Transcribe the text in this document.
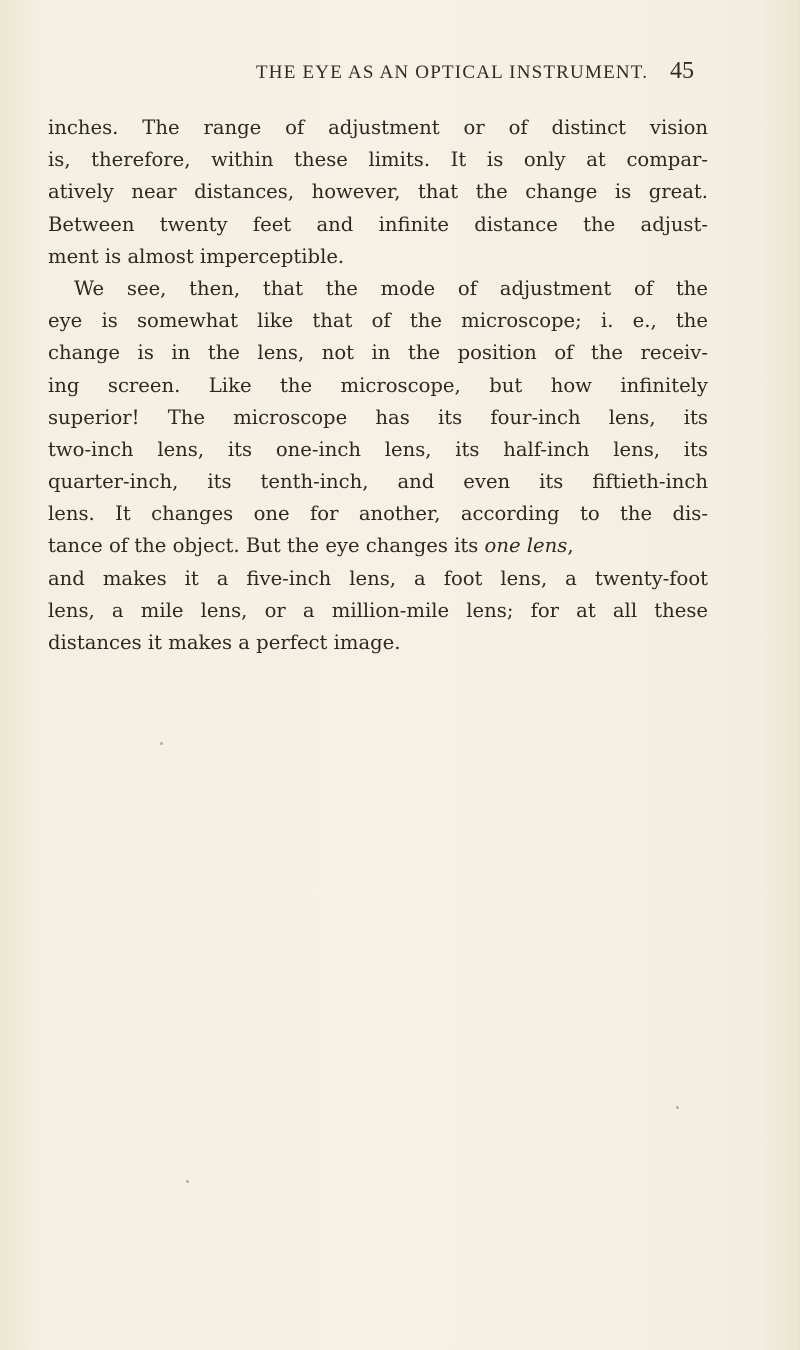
THE EYE AS AN OPTICAL INSTRUMENT. 45
inches. The range of adjustment or of distinct vision
is, therefore, within these limits. It is only at compar-
atively near distances, however, that the change is great.
Between twenty feet and infinite distance the adjust-
ment is almost imperceptible.
We see, then, that the mode of adjustment of the
eye is somewhat like that of the microscope; i. e., the
change is in the lens, not in the position of the receiv-
ing screen. Like the microscope, but how infinitely
superior! The microscope has its four-inch lens, its
two-inch lens, its one-inch lens, its half-inch lens, its
quarter-inch, its tenth-inch, and even its fiftieth-inch
lens. It changes one for another, according to the dis-
tance of the object. But the eye changes its one lens,
and makes it a five-inch lens, a foot lens, a twenty-foot
lens, a mile lens, or a million-mile lens; for at all these
distances it makes a perfect image.
